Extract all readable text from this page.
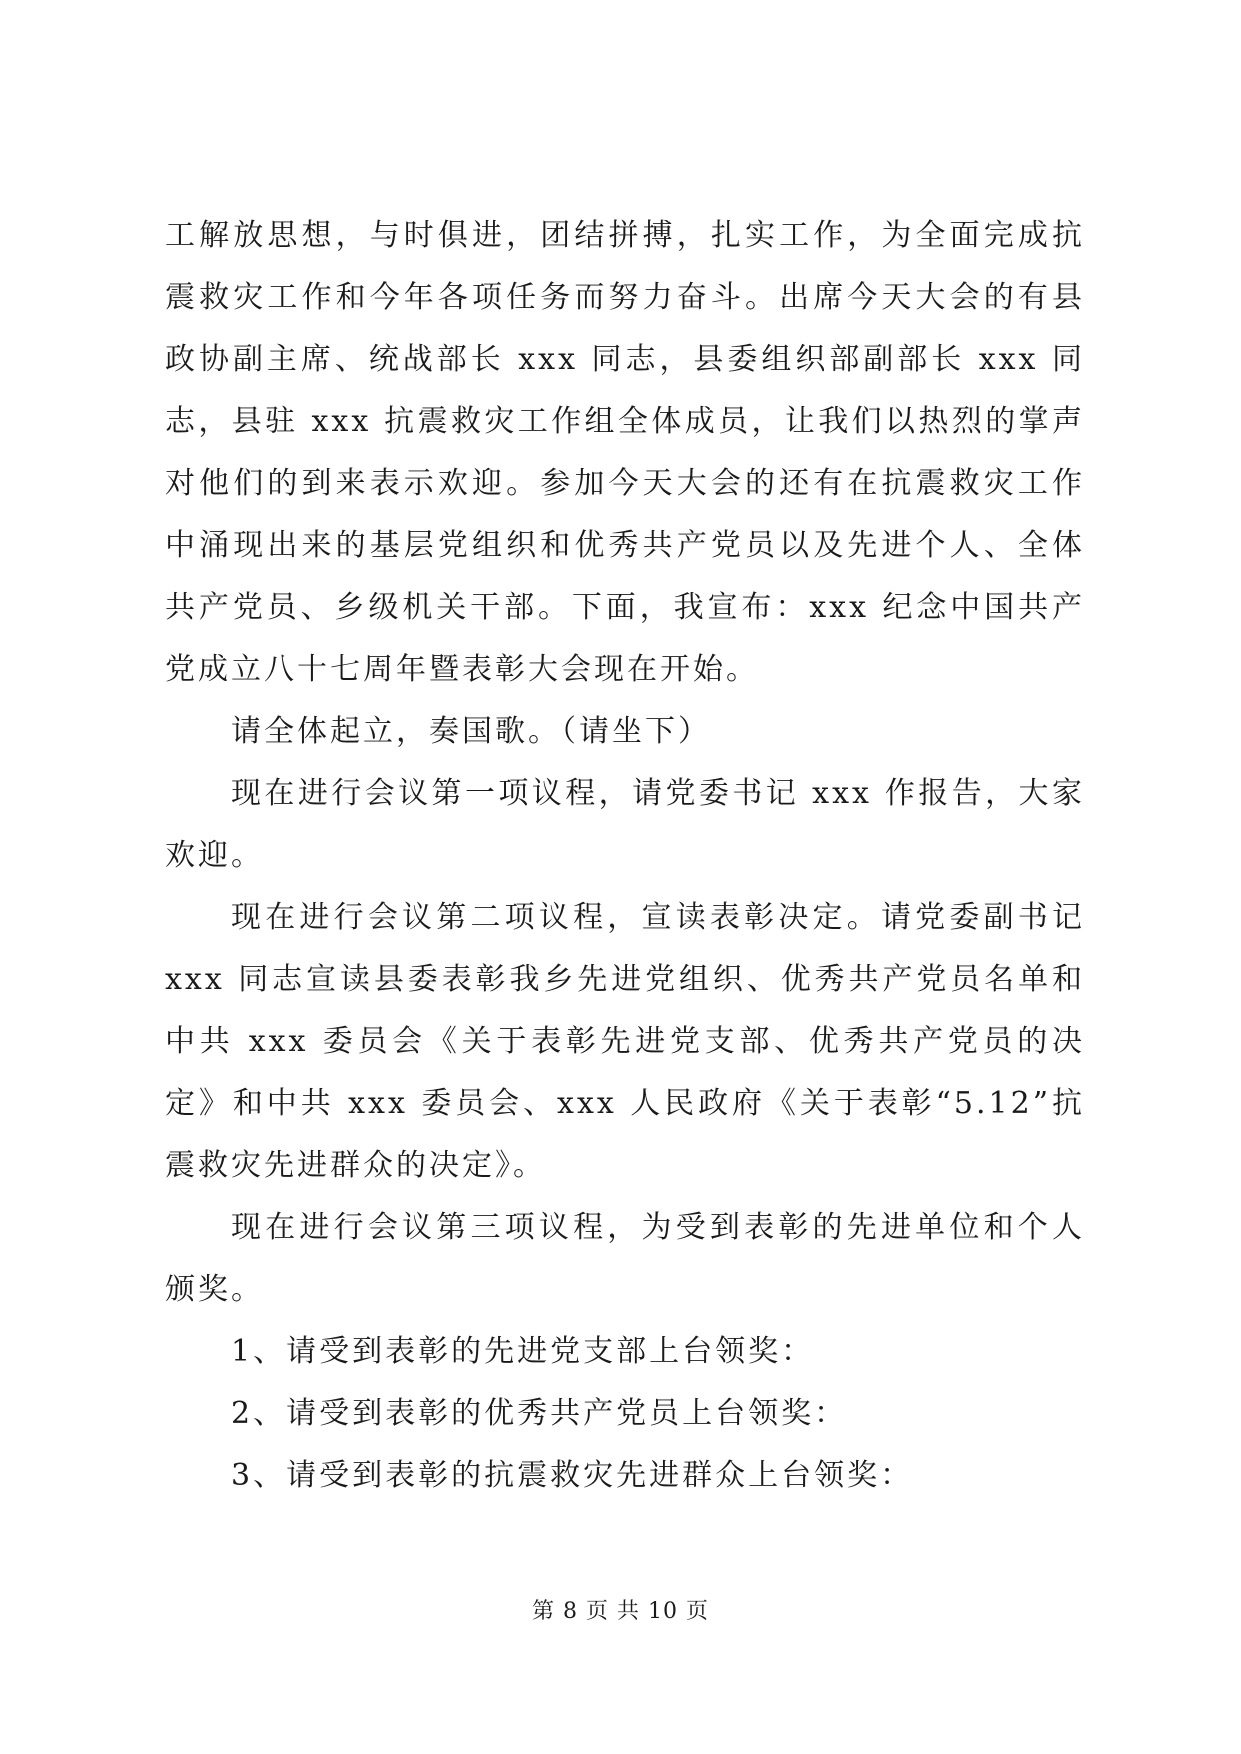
工解放思想，与时俱进，团结拼搏，扎实工作，为全面完成抗震救灾工作和今年各项任务而努力奋斗。出席今天大会的有县政协副主席、统战部长 xxx 同志，县委组织部副部长 xxx 同志，县驻 xxx 抗震救灾工作组全体成员，让我们以热烈的掌声对他们的到来表示欢迎。参加今天大会的还有在抗震救灾工作中涌现出来的基层党组织和优秀共产党员以及先进个人、全体共产党员、乡级机关干部。下面，我宣布：xxx 纪念中国共产党成立八十七周年暨表彰大会现在开始。

请全体起立，奏国歌。（请坐下）

现在进行会议第一项议程，请党委书记 xxx 作报告，大家欢迎。

现在进行会议第二项议程，宣读表彰决定。请党委副书记 xxx 同志宣读县委表彰我乡先进党组织、优秀共产党员名单和中共 xxx 委员会《关于表彰先进党支部、优秀共产党员的决定》和中共 xxx 委员会、xxx 人民政府《关于表彰“5.12”抗震救灾先进群众的决定》。

现在进行会议第三项议程，为受到表彰的先进单位和个人颁奖。

1、请受到表彰的先进党支部上台领奖：

2、请受到表彰的优秀共产党员上台领奖：

3、请受到表彰的抗震救灾先进群众上台领奖：

第 8 页 共 10 页
